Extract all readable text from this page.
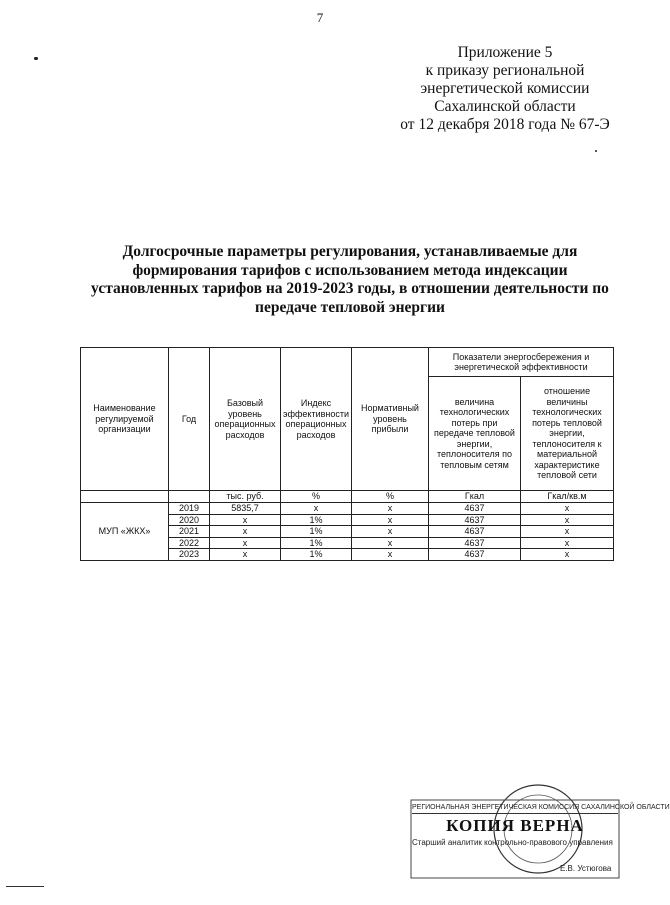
7
Приложение 5
к приказу региональной
энергетической комиссии
Сахалинской области
от 12 декабря 2018 года № 67-Э
Долгосрочные параметры регулирования, устанавливаемые для
формирования тарифов с использованием метода индексации
установленных тарифов на 2019-2023 годы, в отношении деятельности по
передаче тепловой энергии
Наименование регулируемой организации	Год	Базовый уровень операционных расходов	Индекс эффективности операционных расходов	Нормативный уровень прибыли	Показатели энергосбережения и энергетической эффективности	
					величина технологических потерь при передаче тепловой энергии, теплоносителя по тепловым сетям	отношение величины технологических потерь тепловой энергии, теплоносителя к материальной характеристике тепловой сети
		тыс. руб.	%	%	Гкал	Гкал/кв.м
МУП «ЖКХ»	2019	5835,7	х	х	4637	х
	2020	х	1%	х	4637	х
	2021	х	1%	х	4637	х
	2022	х	1%	х	4637	х
	2023	х	1%	х	4637	х
РЕГИОНАЛЬНАЯ ЭНЕРГЕТИЧЕСКАЯ КОМИССИЯ САХАЛИНСКОЙ ОБЛАСТИ
КОПИЯ ВЕРНА
Старший аналитик контрольно-правового управления
Е.В. Устюгова
